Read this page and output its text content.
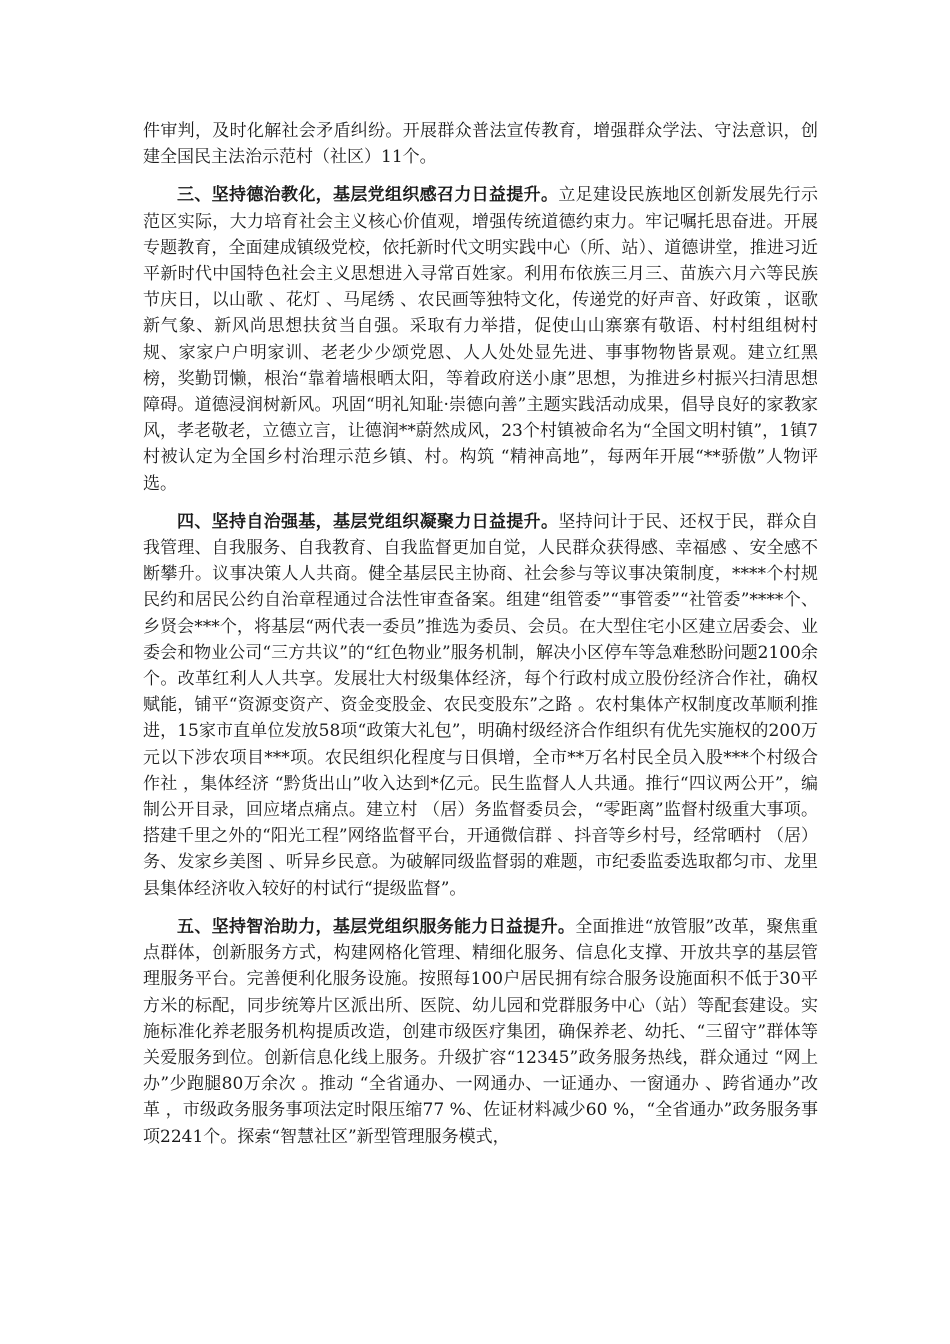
件审判，及时化解社会矛盾纠纷。开展群众普法宣传教育，增强群众学法、守法意识，创建全国民主法治示范村（社区）11个。

三、坚持德治教化，基层党组织感召力日益提升。立足建设民族地区创新发展先行示范区实际，大力培育社会主义核心价值观，增强传统道德约束力。牢记嘱托思奋进。开展专题教育，全面建成镇级党校，依托新时代文明实践中心（所、站）、道德讲堂，推进习近平新时代中国特色社会主义思想进入寻常百姓家。利用布依族三月三、苗族六月六等民族节庆日，以山歌 、花灯 、马尾绣 、农民画等独特文化，传递党的好声音、好政策 ，讴歌新气象、新风尚思想扶贫当自强。采取有力举措，促使山山寨寨有敬语、村村组组树村规、家家户户明家训、老老少少颂党恩、人人处处显先进、事事物物皆景观。建立红黑榜，奖勤罚懒，根治“靠着墙根晒太阳，等着政府送小康”思想，为推进乡村振兴扫清思想障碍。道德浸润树新风。巩固“明礼知耻·崇德向善”主题实践活动成果，倡导良好的家教家风，孝老敬老，立德立言，让德润**蔚然成风，23个村镇被命名为“全国文明村镇”，1镇7村被认定为全国乡村治理示范乡镇、村。构筑 “精神高地”，每两年开展“**骄傲”人物评选。

四、坚持自治强基，基层党组织凝聚力日益提升。坚持问计于民、还权于民，群众自我管理、自我服务、自我教育、自我监督更加自觉，人民群众获得感、幸福感 、安全感不断攀升。议事决策人人共商。健全基层民主协商、社会参与等议事决策制度，****个村规民约和居民公约自治章程通过合法性审查备案。组建“组管委”“事管委”“社管委”****个、乡贤会***个，将基层“两代表一委员”推选为委员、会员。在大型住宅小区建立居委会、业委会和物业公司“三方共议”的“红色物业”服务机制，解决小区停车等急难愁盼问题2100余个。改革红利人人共享。发展壮大村级集体经济，每个行政村成立股份经济合作社，确权赋能，铺平“资源变资产、资金变股金、农民变股东”之路 。农村集体产权制度改革顺利推进，15家市直单位发放58项“政策大礼包”，明确村级经济合作组织有优先实施权的200万元以下涉农项目***项。农民组织化程度与日俱增，全市**万名村民全员入股***个村级合作社 ，集体经济 “黔货出山”收入达到*亿元。民生监督人人共通。推行“四议两公开”，编制公开目录，回应堵点痛点。建立村 （居）务监督委员会，“零距离”监督村级重大事项。搭建千里之外的“阳光工程”网络监督平台，开通微信群 、抖音等乡村号，经常晒村 （居）务、发家乡美图 、听异乡民意。为破解同级监督弱的难题，市纪委监委选取都匀市、龙里县集体经济收入较好的村试行“提级监督”。

五、坚持智治助力，基层党组织服务能力日益提升。全面推进“放管服”改革，聚焦重点群体，创新服务方式，构建网格化管理、精细化服务、信息化支撑、开放共享的基层管理服务平台。完善便利化服务设施。按照每100户居民拥有综合服务设施面积不低于30平方米的标配，同步统筹片区派出所、医院、幼儿园和党群服务中心（站）等配套建设。实施标准化养老服务机构提质改造，创建市级医疗集团，确保养老、幼托、“三留守”群体等关爱服务到位。创新信息化线上服务。升级扩容“12345”政务服务热线，群众通过 “网上办”少跑腿80万余次 。推动 “全省通办、一网通办、一证通办、一窗通办 、跨省通办”改革 ，市级政务服务事项法定时限压缩77 %、佐证材料减少60 %，“全省通办”政务服务事项2241个。探索“智慧社区”新型管理服务模式，
